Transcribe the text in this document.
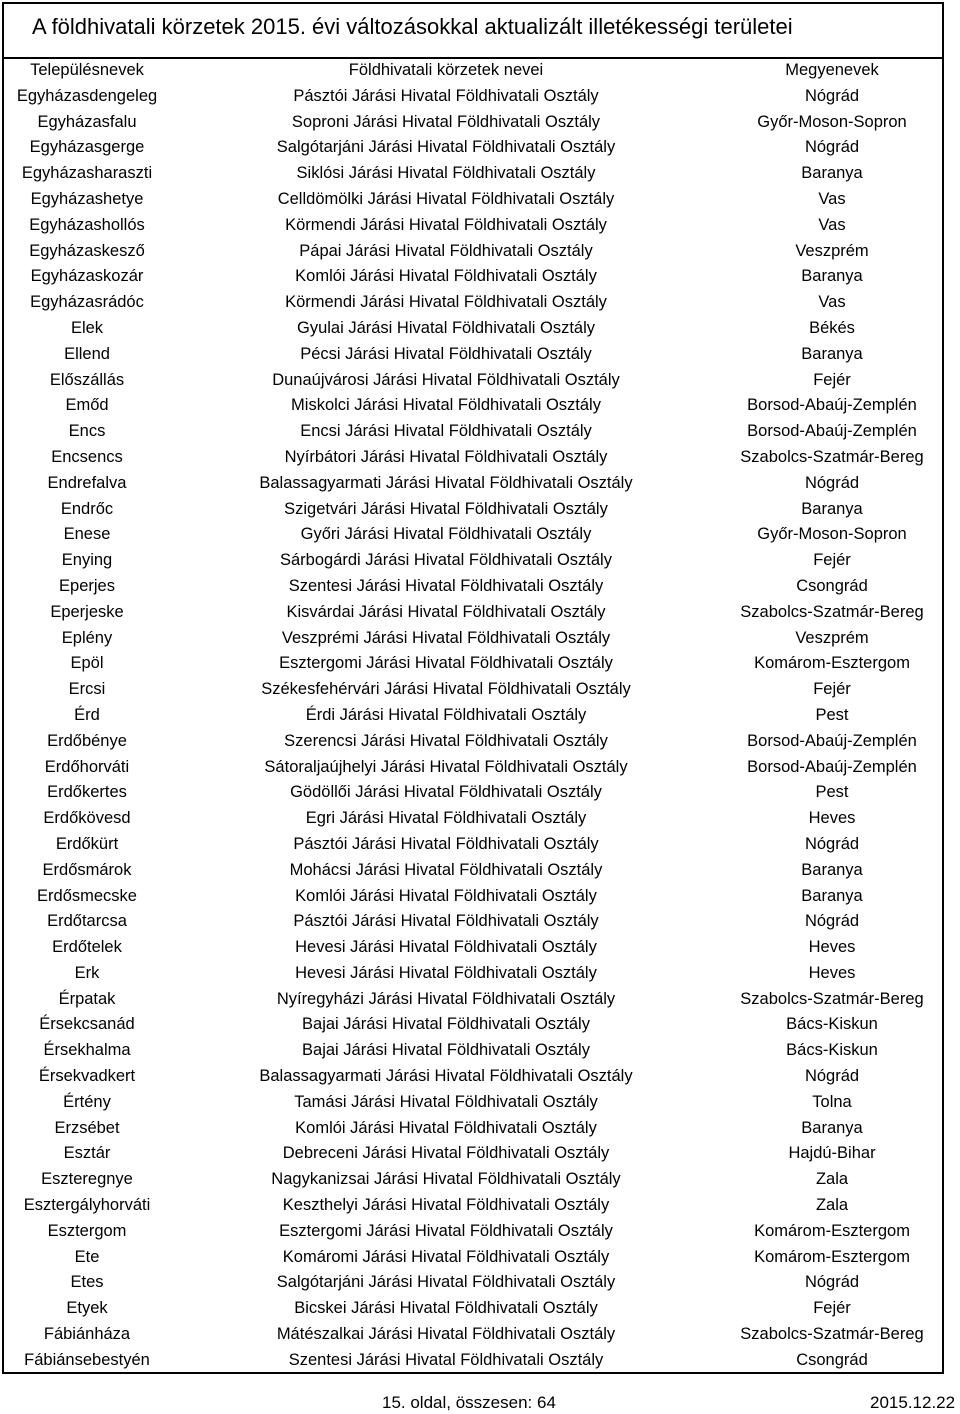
A földhivatali körzetek 2015. évi változásokkal aktualizált illetékességi területei
Településnevek	Földhivatali körzetek nevei	Megyenevek
Egyházasdengeleg	Pásztói Járási Hivatal Földhivatali Osztály	Nógrád
Egyházasfalu	Soproni Járási Hivatal Földhivatali Osztály	Győr-Moson-Sopron
Egyházasgerge	Salgótarjáni Járási Hivatal Földhivatali Osztály	Nógrád
Egyházasharaszti	Siklósi Járási Hivatal Földhivatali Osztály	Baranya
Egyházashetye	Celldömölki Járási Hivatal Földhivatali Osztály	Vas
Egyházashollós	Körmendi Járási Hivatal Földhivatali Osztály	Vas
Egyházaskesző	Pápai Járási Hivatal Földhivatali Osztály	Veszprém
Egyházaskozár	Komlói Járási Hivatal Földhivatali Osztály	Baranya
Egyházasrádóc	Körmendi Járási Hivatal Földhivatali Osztály	Vas
Elek	Gyulai Járási Hivatal Földhivatali Osztály	Békés
Ellend	Pécsi Járási Hivatal Földhivatali Osztály	Baranya
Előszállás	Dunaújvárosi Járási Hivatal Földhivatali Osztály	Fejér
Emőd	Miskolci Járási Hivatal Földhivatali Osztály	Borsod-Abaúj-Zemplén
Encs	Encsi Járási Hivatal Földhivatali Osztály	Borsod-Abaúj-Zemplén
Encsencs	Nyírbátori Járási Hivatal Földhivatali Osztály	Szabolcs-Szatmár-Bereg
Endrefalva	Balassagyarmati Járási Hivatal Földhivatali Osztály	Nógrád
Endrőc	Szigetvári Járási Hivatal Földhivatali Osztály	Baranya
Enese	Győri Járási Hivatal Földhivatali Osztály	Győr-Moson-Sopron
Enying	Sárbogárdi Járási Hivatal Földhivatali Osztály	Fejér
Eperjes	Szentesi Járási Hivatal Földhivatali Osztály	Csongrád
Eperjeske	Kisvárdai Járási Hivatal Földhivatali Osztály	Szabolcs-Szatmár-Bereg
Eplény	Veszprémi Járási Hivatal Földhivatali Osztály	Veszprém
Epöl	Esztergomi Járási Hivatal Földhivatali Osztály	Komárom-Esztergom
Ercsi	Székesfehérvári Járási Hivatal Földhivatali Osztály	Fejér
Érd	Érdi Járási Hivatal Földhivatali Osztály	Pest
Erdőbénye	Szerencsi Járási Hivatal Földhivatali Osztály	Borsod-Abaúj-Zemplén
Erdőhorváti	Sátoraljaújhelyi Járási Hivatal Földhivatali Osztály	Borsod-Abaúj-Zemplén
Erdőkertes	Gödöllői Járási Hivatal Földhivatali Osztály	Pest
Erdőkövesd	Egri Járási Hivatal Földhivatali Osztály	Heves
Erdőkürt	Pásztói Járási Hivatal Földhivatali Osztály	Nógrád
Erdősmárok	Mohácsi Járási Hivatal Földhivatali Osztály	Baranya
Erdősmecske	Komlói Járási Hivatal Földhivatali Osztály	Baranya
Erdőtarcsa	Pásztói Járási Hivatal Földhivatali Osztály	Nógrád
Erdőtelek	Hevesi Járási Hivatal Földhivatali Osztály	Heves
Erk	Hevesi Járási Hivatal Földhivatali Osztály	Heves
Érpatak	Nyíregyházi Járási Hivatal Földhivatali Osztály	Szabolcs-Szatmár-Bereg
Érsekcsanád	Bajai Járási Hivatal Földhivatali Osztály	Bács-Kiskun
Érsekhalma	Bajai Járási Hivatal Földhivatali Osztály	Bács-Kiskun
Érsekvadkert	Balassagyarmati Járási Hivatal Földhivatali Osztály	Nógrád
Értény	Tamási Járási Hivatal Földhivatali Osztály	Tolna
Erzsébet	Komlói Járási Hivatal Földhivatali Osztály	Baranya
Esztár	Debreceni Járási Hivatal Földhivatali Osztály	Hajdú-Bihar
Eszteregnye	Nagykanizsai Járási Hivatal Földhivatali Osztály	Zala
Esztergályhorváti	Keszthelyi Járási Hivatal Földhivatali Osztály	Zala
Esztergom	Esztergomi Járási Hivatal Földhivatali Osztály	Komárom-Esztergom
Ete	Komáromi Járási Hivatal Földhivatali Osztály	Komárom-Esztergom
Etes	Salgótarjáni Járási Hivatal Földhivatali Osztály	Nógrád
Etyek	Bicskei Járási Hivatal Földhivatali Osztály	Fejér
Fábiánháza	Mátészalkai Járási Hivatal Földhivatali Osztály	Szabolcs-Szatmár-Bereg
Fábiánsebestyén	Szentesi Járási Hivatal Földhivatali Osztály	Csongrád
15. oldal, összesen: 64	2015.12.22
